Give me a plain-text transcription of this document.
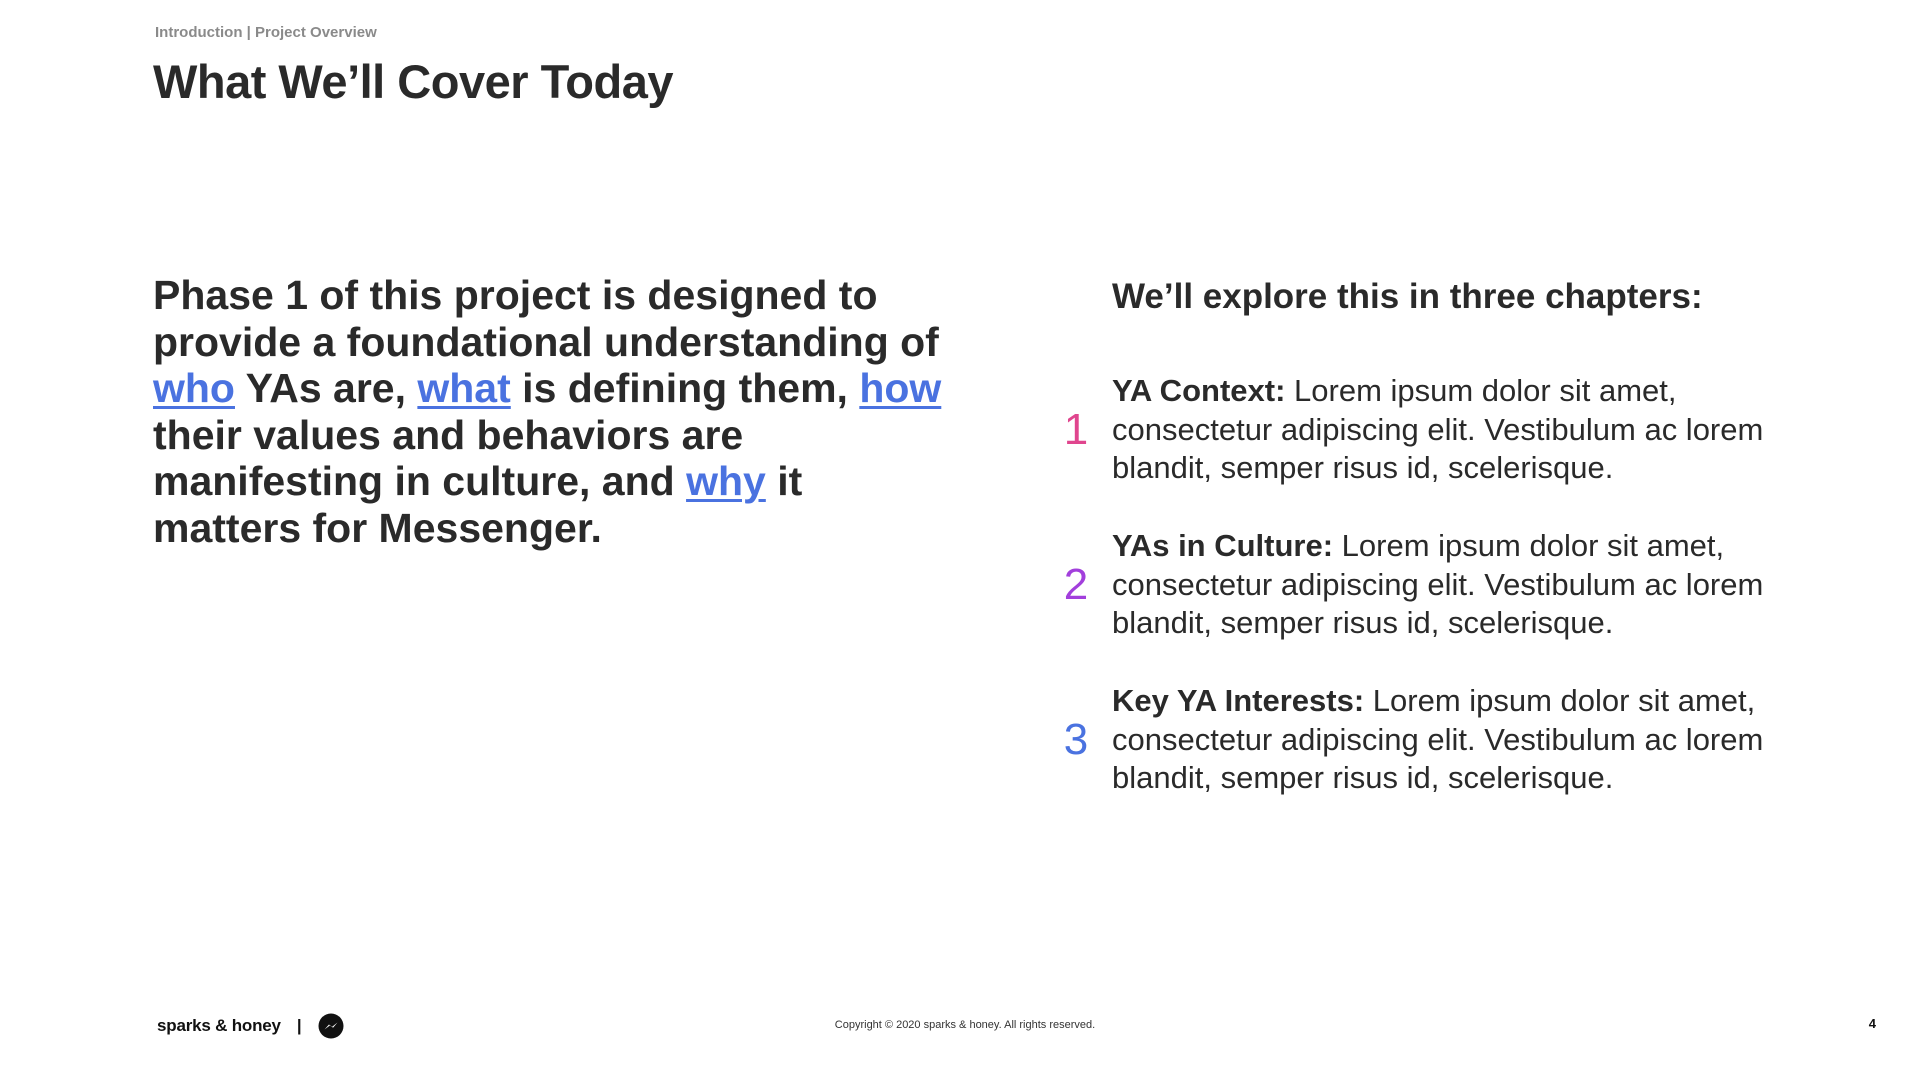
Introduction | Project Overview
What We’ll Cover Today

Phase 1 of this project is designed to provide a foundational understanding of who YAs are, what is defining them, how their values and behaviors are manifesting in culture, and why it matters for Messenger.

We’ll explore this in three chapters:
1
YA Context: Lorem ipsum dolor sit amet, consectetur adipiscing elit. Vestibulum ac lorem blandit, semper risus id, scelerisque.
2
YAs in Culture: Lorem ipsum dolor sit amet, consectetur adipiscing elit. Vestibulum ac lorem blandit, semper risus id, scelerisque.
3
Key YA Interests: Lorem ipsum dolor sit amet, consectetur adipiscing elit. Vestibulum ac lorem blandit, semper risus id, scelerisque.
sparks & honey |	Copyright © 2020 sparks & honey. All rights reserved.	4
